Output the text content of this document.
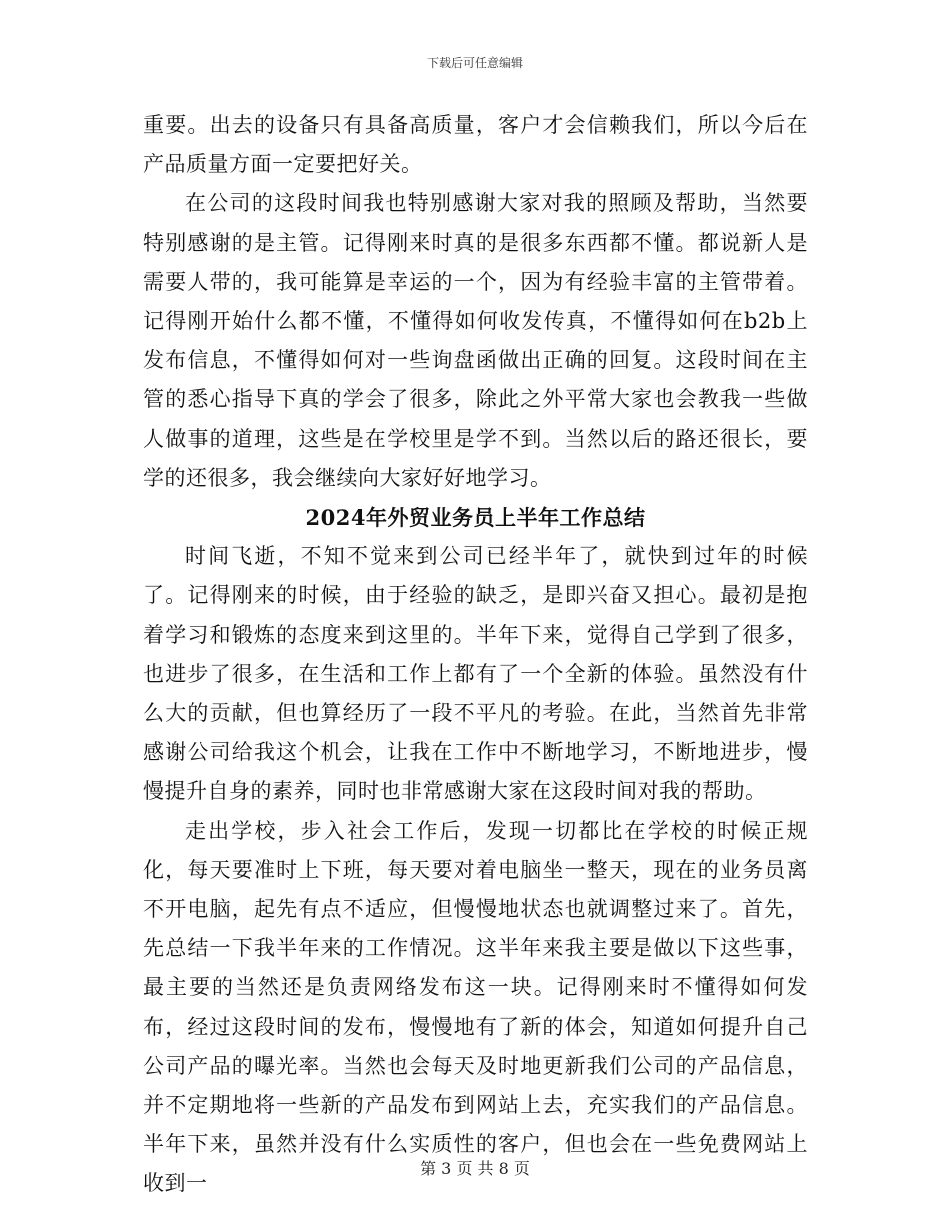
下载后可任意编辑

重要。出去的设备只有具备高质量，客户才会信赖我们，所以今后在产品质量方面一定要把好关。

在公司的这段时间我也特别感谢大家对我的照顾及帮助，当然要特别感谢的是主管。记得刚来时真的是很多东西都不懂。都说新人是需要人带的，我可能算是幸运的一个，因为有经验丰富的主管带着。记得刚开始什么都不懂，不懂得如何收发传真，不懂得如何在b2b上发布信息，不懂得如何对一些询盘函做出正确的回复。这段时间在主管的悉心指导下真的学会了很多，除此之外平常大家也会教我一些做人做事的道理，这些是在学校里是学不到。当然以后的路还很长，要学的还很多，我会继续向大家好好地学习。

2024年外贸业务员上半年工作总结

时间飞逝，不知不觉来到公司已经半年了，就快到过年的时候了。记得刚来的时候，由于经验的缺乏，是即兴奋又担心。最初是抱着学习和锻炼的态度来到这里的。半年下来，觉得自己学到了很多，也进步了很多，在生活和工作上都有了一个全新的体验。虽然没有什么大的贡献，但也算经历了一段不平凡的考验。在此，当然首先非常感谢公司给我这个机会，让我在工作中不断地学习，不断地进步，慢慢提升自身的素养，同时也非常感谢大家在这段时间对我的帮助。

走出学校，步入社会工作后，发现一切都比在学校的时候正规化，每天要准时上下班，每天要对着电脑坐一整天，现在的业务员离不开电脑，起先有点不适应，但慢慢地状态也就调整过来了。首先，先总结一下我半年来的工作情况。这半年来我主要是做以下这些事，最主要的当然还是负责网络发布这一块。记得刚来时不懂得如何发布，经过这段时间的发布，慢慢地有了新的体会，知道如何提升自己公司产品的曝光率。当然也会每天及时地更新我们公司的产品信息，并不定期地将一些新的产品发布到网站上去，充实我们的产品信息。半年下来，虽然并没有什么实质性的客户，但也会在一些免费网站上收到一

第 3 页 共 8 页
